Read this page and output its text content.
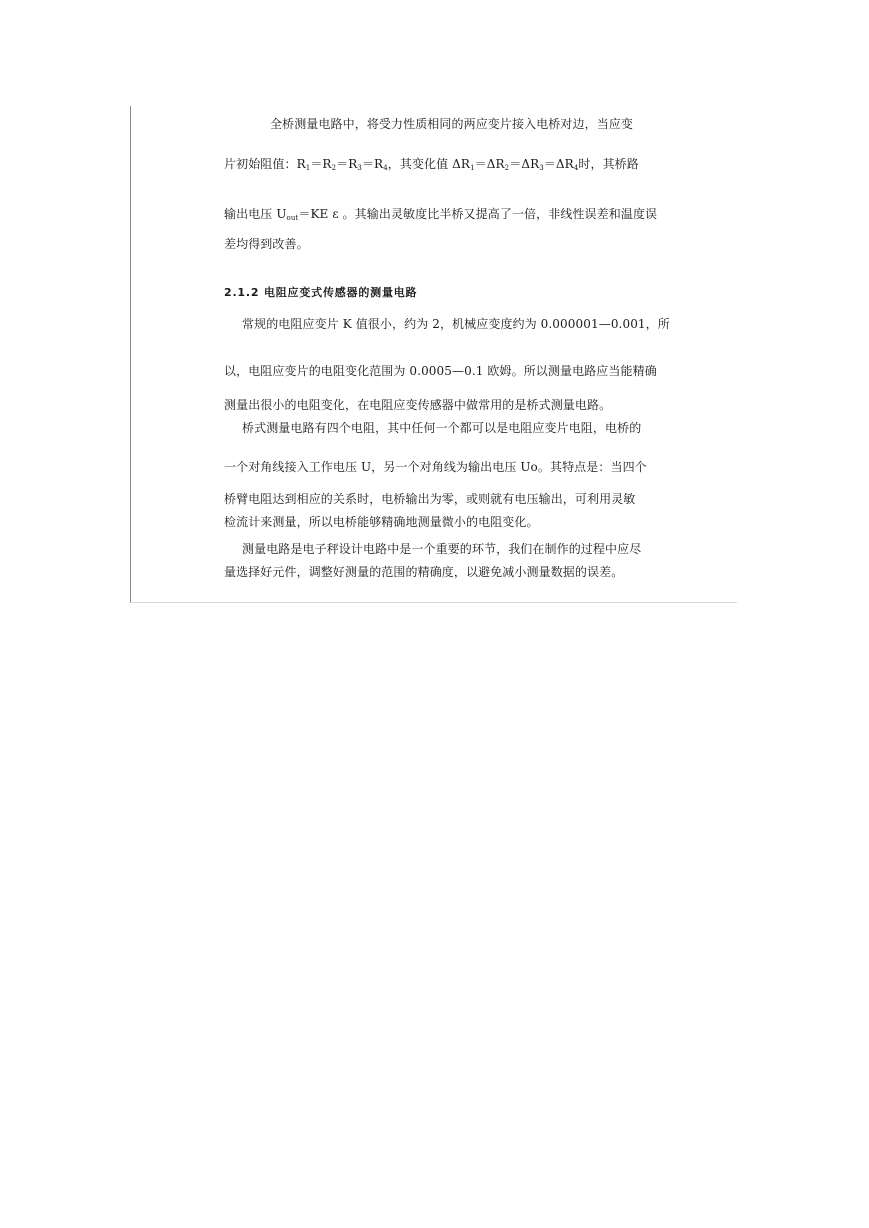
全桥测量电路中，将受力性质相同的两应变片接入电桥对边，当应变
片初始阻值：$R_1=R_2=R_3=R_4$，其变化值 $\Delta R_1=\Delta R_2=\Delta R_3=\Delta R_4$时，其桥路
输出电压 $U_{out}=KE$ ε 。其输出灵敏度比半桥又提高了一倍，非线性误差和温度误
差均得到改善。
2.1.2 电阻应变式传感器的测量电路
常规的电阻应变片 K 值很小，约为 2，机械应变度约为 0.000001—0.001，所
以，电阻应变片的电阻变化范围为 0.0005—0.1 欧姆。所以测量电路应当能精确
测量出很小的电阻变化，在电阻应变传感器中做常用的是桥式测量电路。
桥式测量电路有四个电阻，其中任何一个都可以是电阻应变片电阻，电桥的
一个对角线接入工作电压 U，另一个对角线为输出电压 Uo。其特点是：当四个
桥臂电阻达到相应的关系时，电桥输出为零，或则就有电压输出，可利用灵敏
检流计来测量，所以电桥能够精确地测量微小的电阻变化。
测量电路是电子秤设计电路中是一个重要的环节，我们在制作的过程中应尽
量选择好元件，调整好测量的范围的精确度，以避免减小测量数据的误差。
